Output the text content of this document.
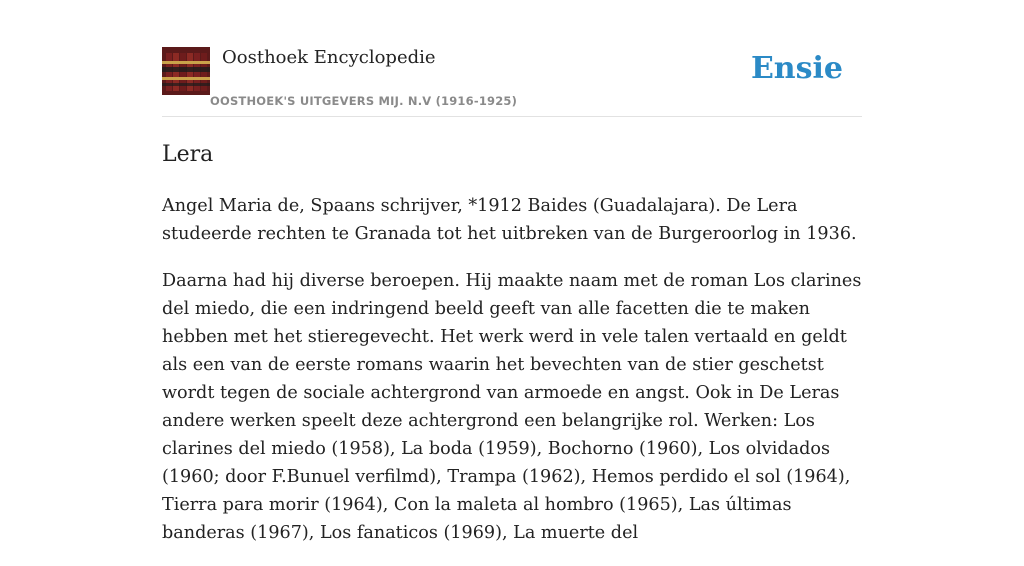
Oosthoek Encyclopedie
OOSTHOEK'S UITGEVERS MIJ. N.V (1916-1925)
Ensie
Lera

Angel Maria de, Spaans schrijver, *1912 Baides (Guadalajara). De Lera studeerde rechten te Granada tot het uitbreken van de Burgeroorlog in 1936.

Daarna had hij diverse beroepen. Hij maakte naam met de roman Los clarines del miedo, die een indringend beeld geeft van alle facetten die te maken hebben met het stieregevecht. Het werk werd in vele talen vertaald en geldt als een van de eerste romans waarin het bevechten van de stier geschetst wordt tegen de sociale achtergrond van armoede en angst. Ook in De Leras andere werken speelt deze achtergrond een belangrijke rol. Werken: Los clarines del miedo (1958), La boda (1959), Bochorno (1960), Los olvidados (1960; door F.Bunuel verfilmd), Trampa (1962), Hemos perdido el sol (1964), Tierra para morir (1964), Con la maleta al hombro (1965), Las últimas banderas (1967), Los fanaticos (1969), La muerte del
